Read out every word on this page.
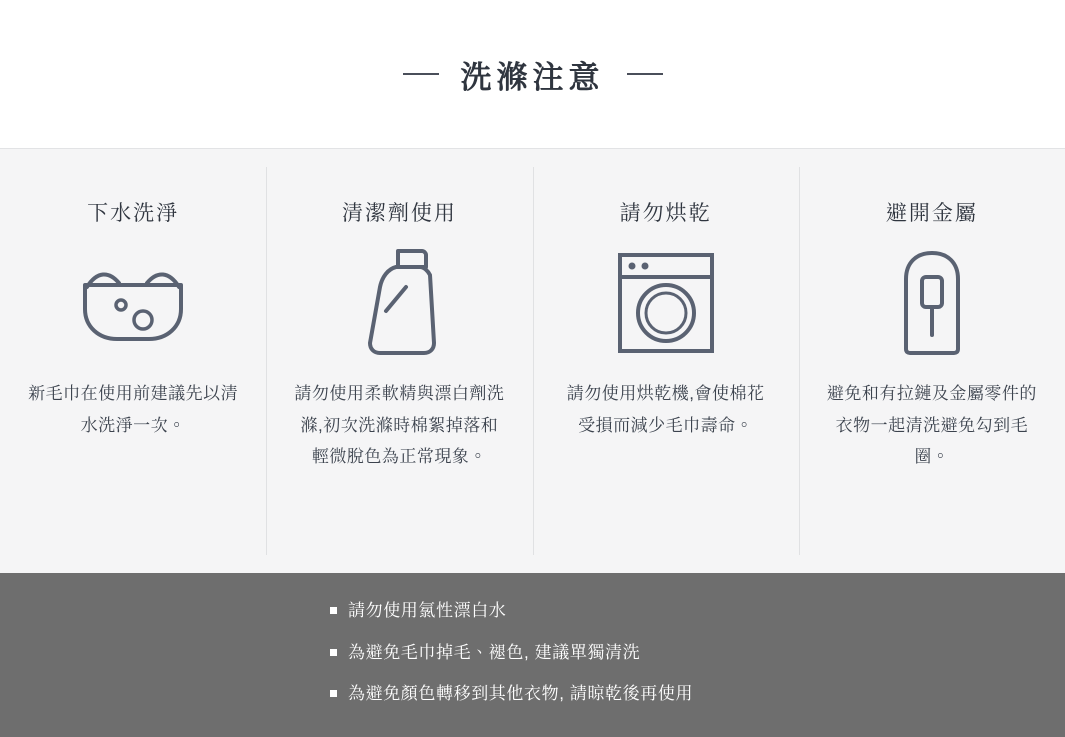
洗滌注意
下水洗淨

新毛巾在使用前建議先以清水洗淨一次。

清潔劑使用

請勿使用柔軟精與漂白劑洗滌,初次洗滌時棉絮掉落和輕微脫色為正常現象。

請勿烘乾

請勿使用烘乾機,會使棉花受損而減少毛巾壽命。

避開金屬

避免和有拉鏈及金屬零件的衣物一起清洗避免勾到毛圈。

請勿使用氯性漂白水
為避免毛巾掉毛、褪色, 建議單獨清洗
為避免顏色轉移到其他衣物, 請晾乾後再使用
